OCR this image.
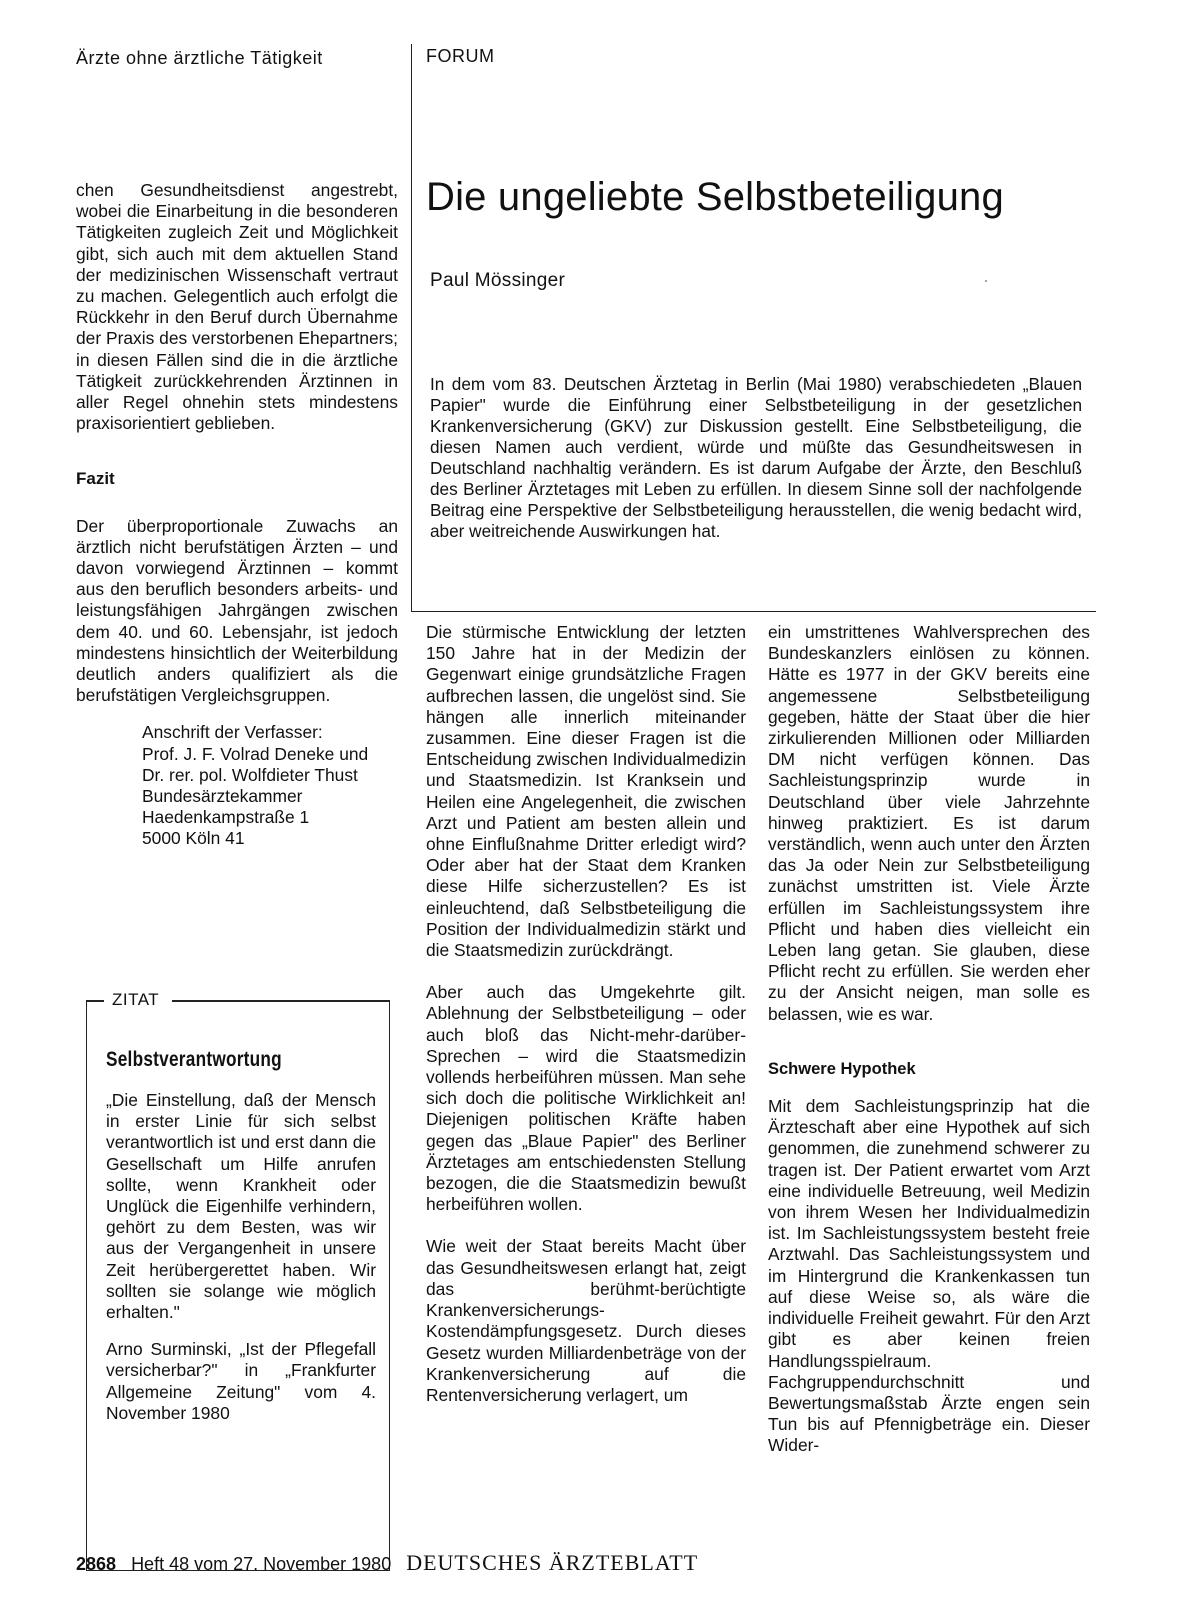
Ärzte ohne ärztliche Tätigkeit	FORUM

chen Gesundheitsdienst angestrebt, wobei die Einarbeitung in die besonderen Tätigkeiten zugleich Zeit und Möglichkeit gibt, sich auch mit dem aktuellen Stand der medizinischen Wissenschaft vertraut zu machen. Gelegentlich auch erfolgt die Rückkehr in den Beruf durch Übernahme der Praxis des verstorbenen Ehepartners; in diesen Fällen sind die in die ärztliche Tätigkeit zurückkehrenden Ärztinnen in aller Regel ohnehin stets mindestens praxisorientiert geblieben.

Fazit

Der überproportionale Zuwachs an ärztlich nicht berufstätigen Ärzten – und davon vorwiegend Ärztinnen – kommt aus den beruflich besonders arbeits- und leistungsfähigen Jahrgängen zwischen dem 40. und 60. Lebensjahr, ist jedoch mindestens hinsichtlich der Weiterbildung deutlich anders qualifiziert als die berufstätigen Vergleichsgruppen.

Anschrift der Verfasser:
Prof. J. F. Volrad Deneke und
Dr. rer. pol. Wolfdieter Thust
Bundesärztekammer
Haedenkampstraße 1
5000 Köln 41
ZITAT
Selbstverantwortung

„Die Einstellung, daß der Mensch in erster Linie für sich selbst verantwortlich ist und erst dann die Gesellschaft um Hilfe anrufen sollte, wenn Krankheit oder Unglück die Eigenhilfe verhindern, gehört zu dem Besten, was wir aus der Vergangenheit in unsere Zeit herübergerettet haben. Wir sollten sie solange wie möglich erhalten."

Arno Surminski, „Ist der Pflegefall versicherbar?" in „Frankfurter Allgemeine Zeitung" vom 4. November 1980

Die ungeliebte Selbstbeteiligung
Paul Mössinger

In dem vom 83. Deutschen Ärztetag in Berlin (Mai 1980) verabschiedeten „Blauen Papier" wurde die Einführung einer Selbstbeteiligung in der gesetzlichen Krankenversicherung (GKV) zur Diskussion gestellt. Eine Selbstbeteiligung, die diesen Namen auch verdient, würde und müßte das Gesundheitswesen in Deutschland nachhaltig verändern. Es ist darum Aufgabe der Ärzte, den Beschluß des Berliner Ärztetages mit Leben zu erfüllen. In diesem Sinne soll der nachfolgende Beitrag eine Perspektive der Selbstbeteiligung herausstellen, die wenig bedacht wird, aber weitreichende Auswirkungen hat.

Die stürmische Entwicklung der letzten 150 Jahre hat in der Medizin der Gegenwart einige grundsätzliche Fragen aufbrechen lassen, die ungelöst sind. Sie hängen alle innerlich miteinander zusammen. Eine dieser Fragen ist die Entscheidung zwischen Individualmedizin und Staatsmedizin. Ist Kranksein und Heilen eine Angelegenheit, die zwischen Arzt und Patient am besten allein und ohne Einflußnahme Dritter erledigt wird? Oder aber hat der Staat dem Kranken diese Hilfe sicherzustellen? Es ist einleuchtend, daß Selbstbeteiligung die Position der Individualmedizin stärkt und die Staatsmedizin zurückdrängt.

Aber auch das Umgekehrte gilt. Ablehnung der Selbstbeteiligung – oder auch bloß das Nicht-mehr-darüber-Sprechen – wird die Staatsmedizin vollends herbeiführen müssen. Man sehe sich doch die politische Wirklichkeit an! Diejenigen politischen Kräfte haben gegen das „Blaue Papier" des Berliner Ärztetages am entschiedensten Stellung bezogen, die die Staatsmedizin bewußt herbeiführen wollen.

Wie weit der Staat bereits Macht über das Gesundheitswesen erlangt hat, zeigt das berühmt-berüchtigte Krankenversicherungs-Kostendämpfungsgesetz. Durch dieses Gesetz wurden Milliardenbeträge von der Krankenversicherung auf die Rentenversicherung verlagert, um

ein umstrittenes Wahlversprechen des Bundeskanzlers einlösen zu können. Hätte es 1977 in der GKV bereits eine angemessene Selbstbeteiligung gegeben, hätte der Staat über die hier zirkulierenden Millionen oder Milliarden DM nicht verfügen können. Das Sachleistungsprinzip wurde in Deutschland über viele Jahrzehnte hinweg praktiziert. Es ist darum verständlich, wenn auch unter den Ärzten das Ja oder Nein zur Selbstbeteiligung zunächst umstritten ist. Viele Ärzte erfüllen im Sachleistungssystem ihre Pflicht und haben dies vielleicht ein Leben lang getan. Sie glauben, diese Pflicht recht zu erfüllen. Sie werden eher zu der Ansicht neigen, man solle es belassen, wie es war.

Schwere Hypothek

Mit dem Sachleistungsprinzip hat die Ärzteschaft aber eine Hypothek auf sich genommen, die zunehmend schwerer zu tragen ist. Der Patient erwartet vom Arzt eine individuelle Betreuung, weil Medizin von ihrem Wesen her Individualmedizin ist. Im Sachleistungssystem besteht freie Arztwahl. Das Sachleistungssystem und im Hintergrund die Krankenkassen tun auf diese Weise so, als wäre die individuelle Freiheit gewahrt. Für den Arzt gibt es aber keinen freien Handlungsspielraum. Fachgruppendurchschnitt und Bewertungsmaßstab Ärzte engen sein Tun bis auf Pfennigbeträge ein. Dieser Wider-

2868 Heft 48 vom 27. November 1980 DEUTSCHES ÄRZTEBLATT
